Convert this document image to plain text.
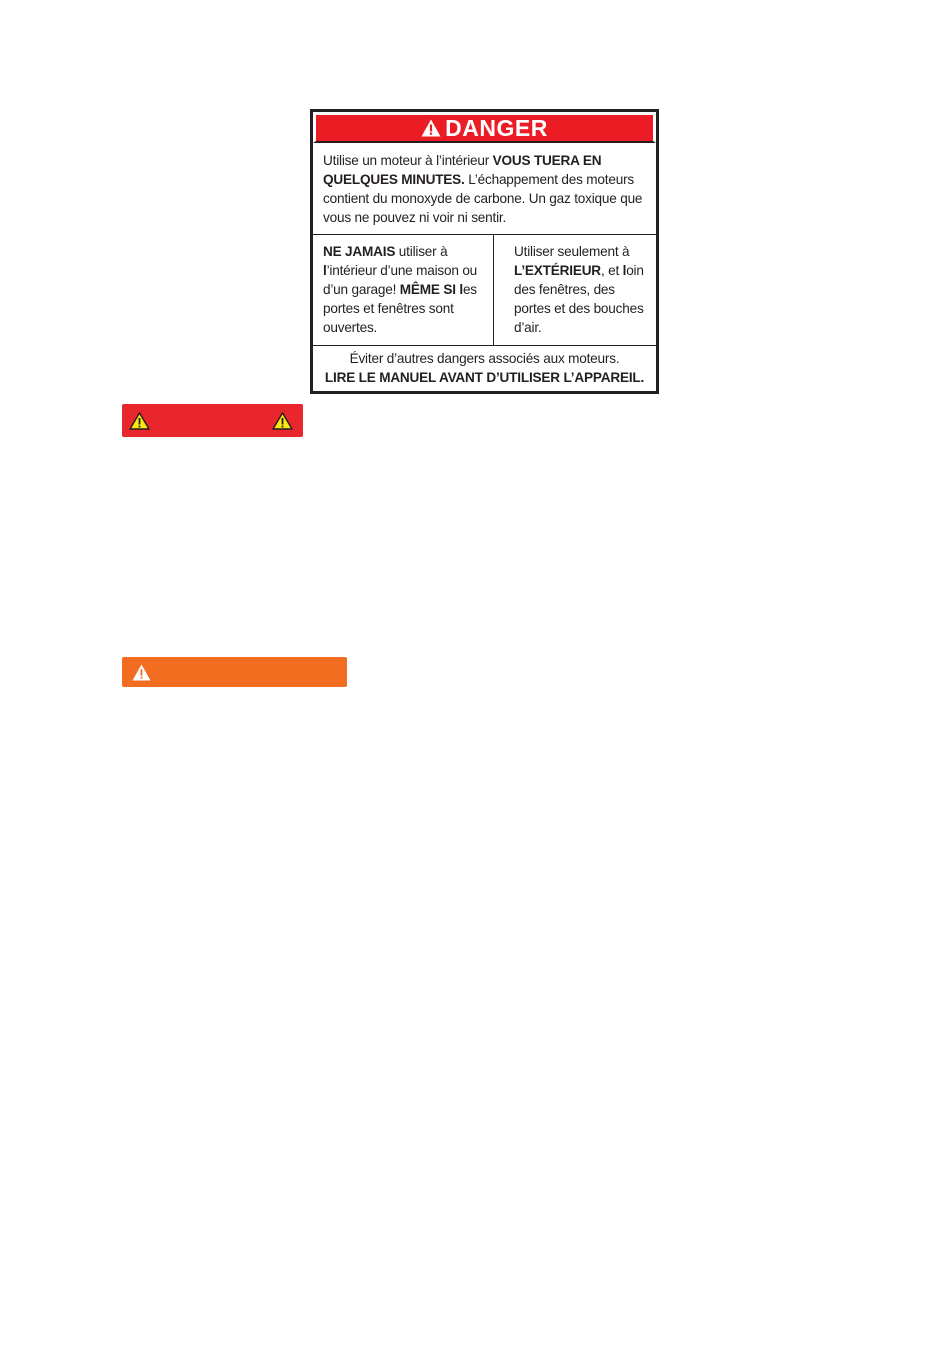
DANGER
Utilise un moteur à l’intérieur VOUS TUERA EN QUELQUES MINUTES. L’échappement des moteurs contient du monoxyde de carbone. Un gaz toxique que vous ne pouvez ni voir ni sentir.
NE JAMAIS utiliser à l’intérieur d’une maison ou d’un garage! MÊME SI les portes et fenêtres sont ouvertes.
Utiliser seulement à L’EXTÉRIEUR, et loin des fenêtres, des portes et des bouches d’air.
Éviter d’autres dangers associés aux moteurs.
LIRE LE MANUEL AVANT D’UTILISER L’APPAREIL.
